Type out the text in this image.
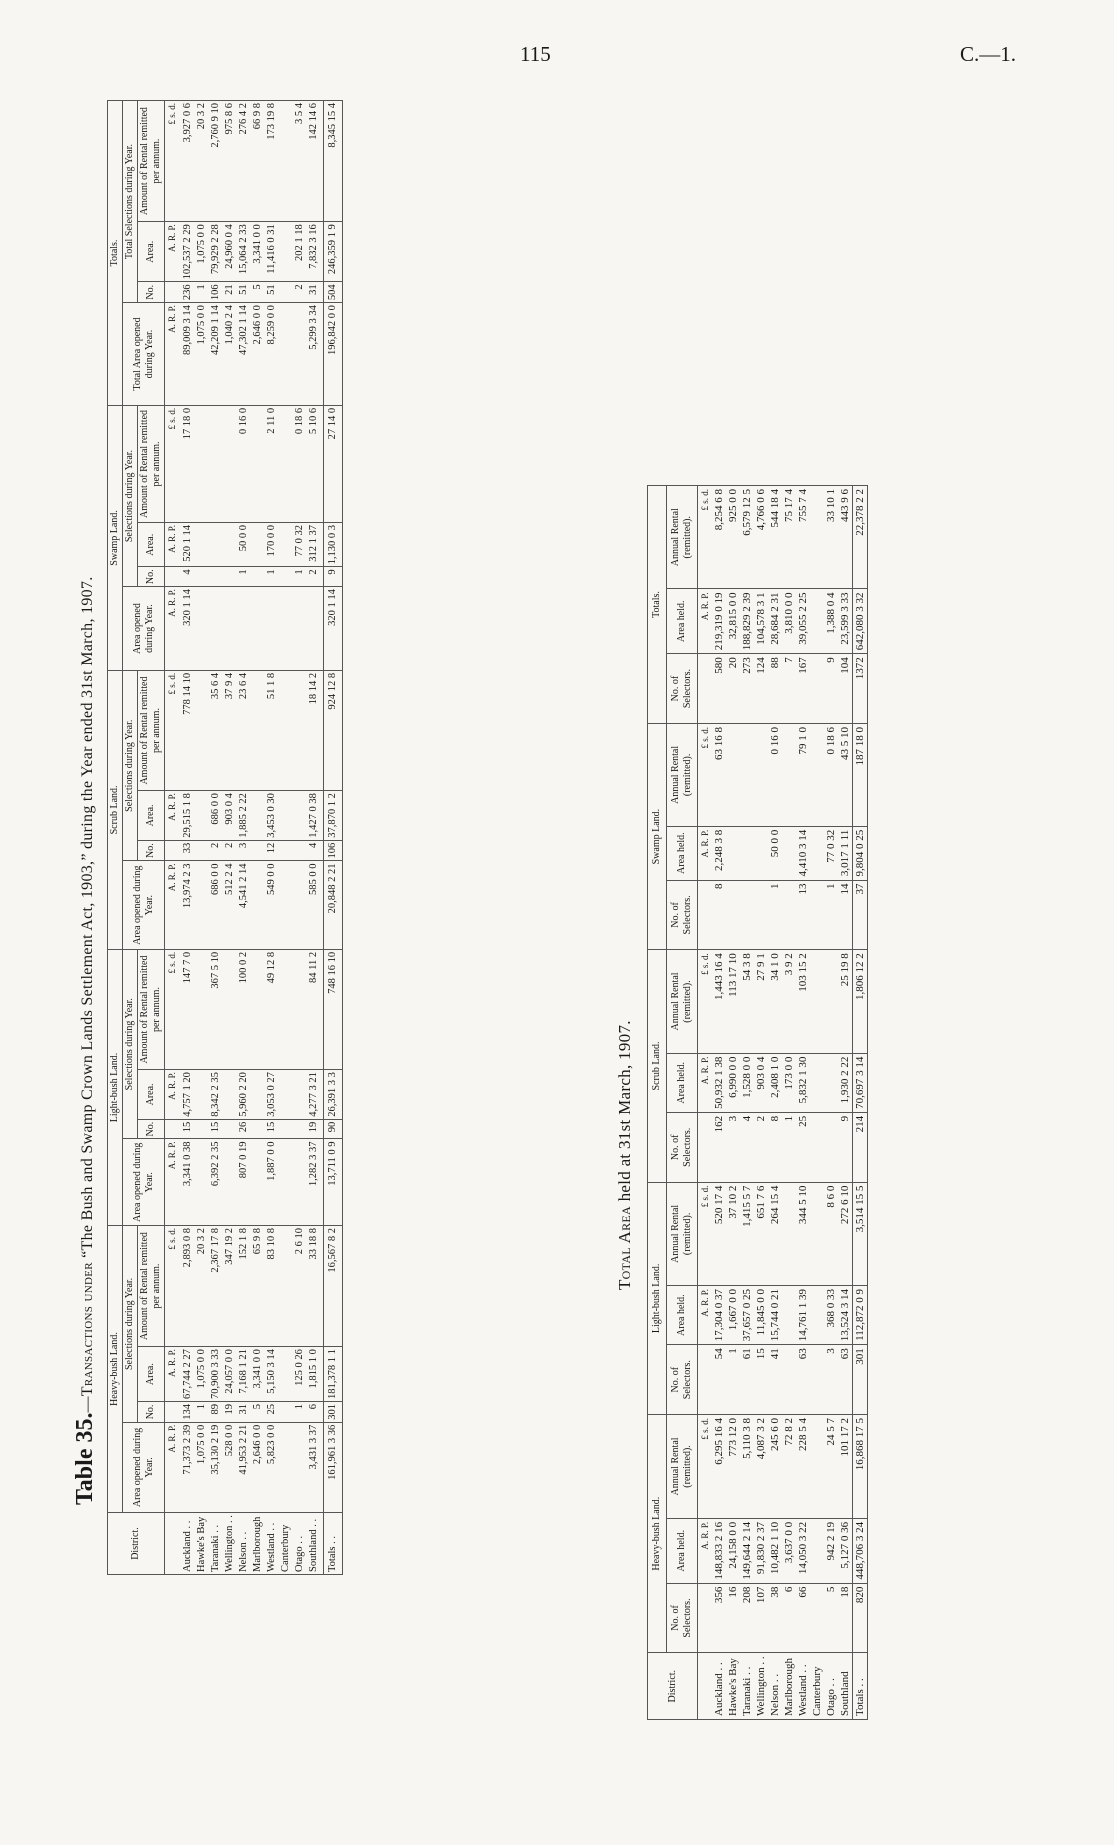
115	C.—1.
Table 35.—Transactions under “The Bush and Swamp Crown Lands Settlement Act, 1903,” during the Year ended 31st March, 1907.
District.	Heavy-bush Land.				Light-bush Land.				Scrub Land.				Swamp Land.				Totals.			
	Area opened during Year.	Selections during Year.			Area opened during Year.	Selections during Year.			Area opened during Year.	Selections during Year.			Area opened during Year.	Selections during Year.			Total Area opened during Year.	Total Selections during Year.		
		No.	Area.	Amount of Rental remitted per annum.		No.	Area.	Amount of Rental remitted per annum.		No.	Area.	Amount of Rental remitted per annum.		No.	Area.	Amount of Rental remitted per annum.		No.	Area.	Amount of Rental remitted per annum.
	A. R. P.		A. R. P.	£ s. d.	A. R. P.		A. R. P.	£ s. d.	A. R. P.		A. R. P.	£ s. d.	A. R. P.		A. R. P.	£ s. d.	A. R. P.		A. R. P.	£ s. d.
Auckland . .	71,373 2 39	134	67,744 2 27	2,893 0 8	3,341 0 38	15	4,757 1 20	147 7 0	13,974 2 3	33	29,515 1 8	778 14 10	320 1 14	4	520 1 14	17 18 0	89,009 3 14	236	102,537 2 29	3,927 0 6
Hawke's Bay	1,075 0 0	1	1,075 0 0	20 3 2													1,075 0 0	1	1,075 0 0	20 3 2
Taranaki . .	35,130 2 19	89	70,900 3 33	2,367 17 8	6,392 2 35	15	8,342 2 35	367 5 10	686 0 0	2	686 0 0	35 6 4					42,209 1 14	106	79,929 2 28	2,760 9 10
Wellington . .	528 0 0	19	24,057 0 0	347 19 2					512 2 4	2	903 0 4	37 9 4					1,040 2 4	21	24,960 0 4	975 8 6
Nelson . .	41,953 2 21	31	7,168 1 21	152 1 8	807 0 19	26	5,960 2 20	100 0 2	4,541 2 14	3	1,885 2 22	23 6 4		1	50 0 0	0 16 0	47,302 1 14	51	15,064 2 33	276 4 2
Marlborough	2,646 0 0	5	3,341 0 0	65 9 8													2,646 0 0	5	3,341 0 0	66 9 8
Westland . .	5,823 0 0	25	5,150 3 14	83 10 8	1,887 0 0	15	3,053 0 27	49 12 8	549 0 0	12	3,453 0 30	51 1 8		1	170 0 0	2 11 0	8,259 0 0	51	11,416 0 31	173 19 8
Canterbury																				
Otago . .		1	125 0 26	2 6 10										1	77 0 32	0 18 6		2	202 1 18	3 5 4
Southland . .	3,431 3 37	6	1,815 1 0	33 18 8	1,282 3 37	19	4,277 3 21	84 11 2	585 0 0	4	1,427 0 38	18 14 2		2	312 1 37	5 10 6	5,299 3 34	31	7,832 3 16	142 14 6
Totals . .	161,961 3 36	301	181,378 1 1	16,567 8 2	13,711 0 9	90	26,391 3 3	748 16 10	20,848 2 21	106	37,870 1 2	924 12 8	320 1 14	9	1,130 0 3	27 14 0	196,842 0 0	504	246,359 1 9	8,345 15 4
Total Area held at 31st March, 1907.
District.	Heavy-bush Land.			Light-bush Land.			Scrub Land.			Swamp Land.			Totals.		
	No. of Selectors.	Area held.	Annual Rental (remitted).	No. of Selectors.	Area held.	Annual Rental (remitted).	No. of Selectors.	Area held.	Annual Rental (remitted).	No. of Selectors.	Area held.	Annual Rental (remitted).	No. of Selectors.	Area held.	Annual Rental (remitted).
		A. R. P.	£ s. d.		A. R. P.	£ s. d.		A. R. P.	£ s. d.		A. R. P.	£ s. d.		A. R. P.	£ s. d.
Auckland . .	356	148,833 2 16	6,295 16 4	54	17,304 0 37	520 17 4	162	50,932 1 38	1,443 16 4	8	2,248 3 8	63 16 8	580	219,319 0 19	8,254 6 8
Hawke's Bay	16	24,158 0 0	773 12 0	1	1,667 0 0	37 10 2	3	6,990 0 0	113 17 10				20	32,815 0 0	925 0 0
Taranaki . .	208	149,644 2 14	5,110 3 8	61	37,657 0 25	1,415 5 7	4	1,528 0 0	54 3 8				273	188,829 2 39	6,579 12 5
Wellington . .	107	91,830 2 37	4,087 3 2	15	11,845 0 0	651 7 6	2	903 0 4	27 9 1				124	104,578 3 1	4,766 0 6
Nelson . .	38	10,482 1 10	245 6 0	41	15,744 0 21	264 15 4	8	2,408 1 0	34 1 0	1	50 0 0	0 16 0	88	28,684 2 31	544 18 4
Marlborough	6	3,637 0 0	72 8 2				1	173 0 0	3 9 2				7	3,810 0 0	75 17 4
Westland . .	66	14,050 3 22	228 5 4	63	14,761 1 39	344 5 10	25	5,832 1 30	103 15 2	13	4,410 3 14	79 1 0	167	39,055 2 25	755 7 4
Canterbury															
Otago . .	5	942 2 19	24 5 7	3	368 0 33	8 6 0				1	77 0 32	0 18 6	9	1,388 0 4	33 10 1
Southland	18	5,127 0 36	101 17 2	63	13,524 3 14	272 6 10	9	1,930 2 22	25 19 8	14	3,017 1 11	43 5 10	104	23,599 3 33	443 9 6
Totals . .	820	448,706 3 24	16,868 17 5	301	112,872 0 9	3,514 15 5	214	70,697 3 14	1,806 12 2	37	9,804 0 25	187 18 0	1372	642,080 3 32	22,378 2 2
